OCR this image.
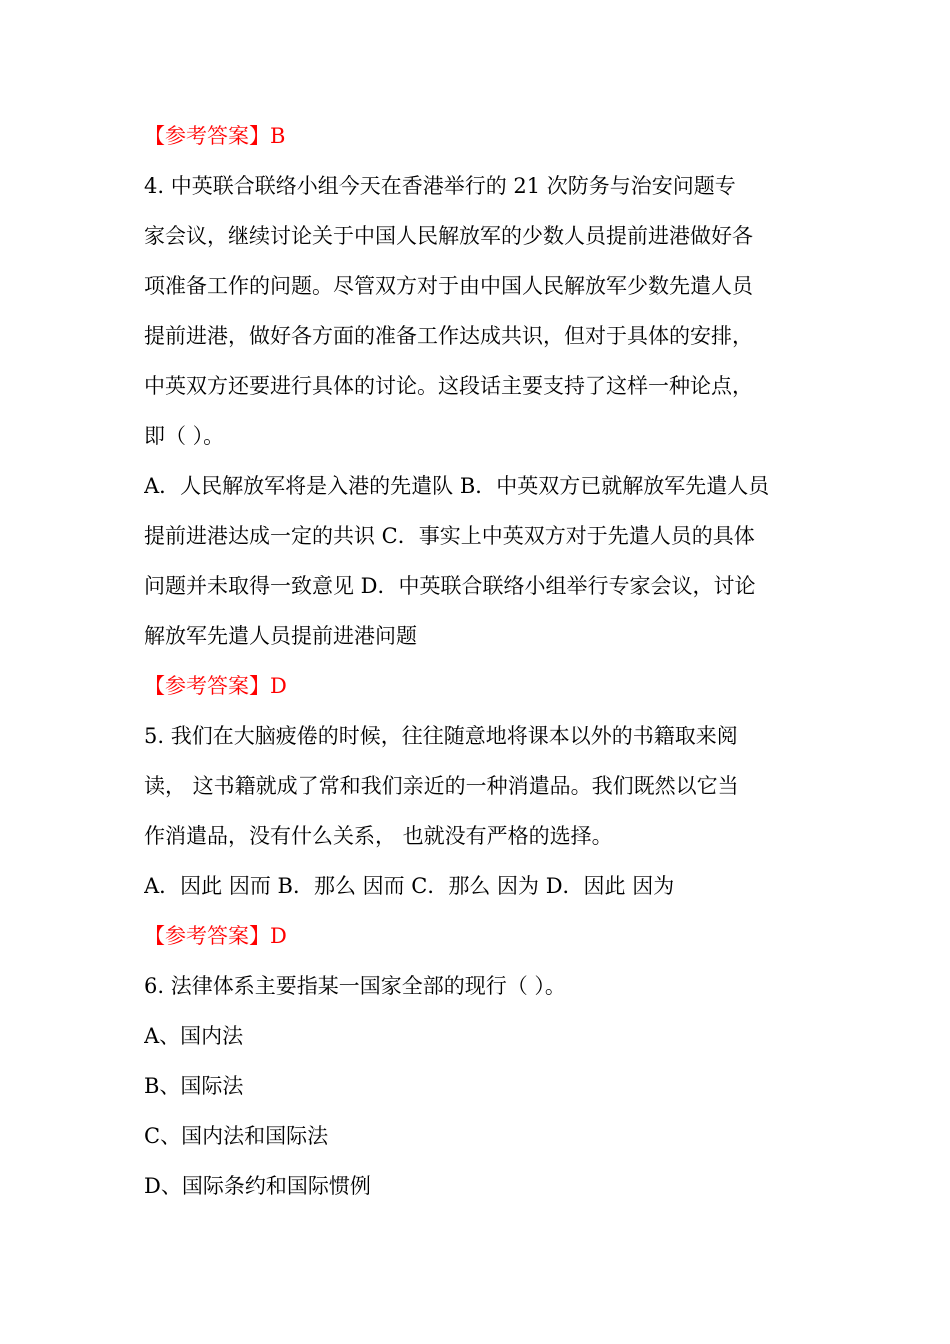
【参考答案】B
4. 中英联合联络小组今天在香港举行的 21 次防务与治安问题专
家会议，继续讨论关于中国人民解放军的少数人员提前进港做好各
项准备工作的问题。尽管双方对于由中国人民解放军少数先遣人员
提前进港，做好各方面的准备工作达成共识，但对于具体的安排，
中英双方还要进行具体的讨论。这段话主要支持了这样一种论点，
即（ ）。
A．人民解放军将是入港的先遣队 B．中英双方已就解放军先遣人员
提前进港达成一定的共识 C．事实上中英双方对于先遣人员的具体
问题并未取得一致意见 D．中英联合联络小组举行专家会议，讨论
解放军先遣人员提前进港问题
【参考答案】D
5. 我们在大脑疲倦的时候，往往随意地将课本以外的书籍取来阅
读， 这书籍就成了常和我们亲近的一种消遣品。我们既然以它当
作消遣品，没有什么关系， 也就没有严格的选择。
A．因此 因而 B．那么 因而 C．那么 因为 D．因此 因为
【参考答案】D
6. 法律体系主要指某一国家全部的现行（ ）。
A、国内法
B、国际法
C、国内法和国际法
D、国际条约和国际惯例
